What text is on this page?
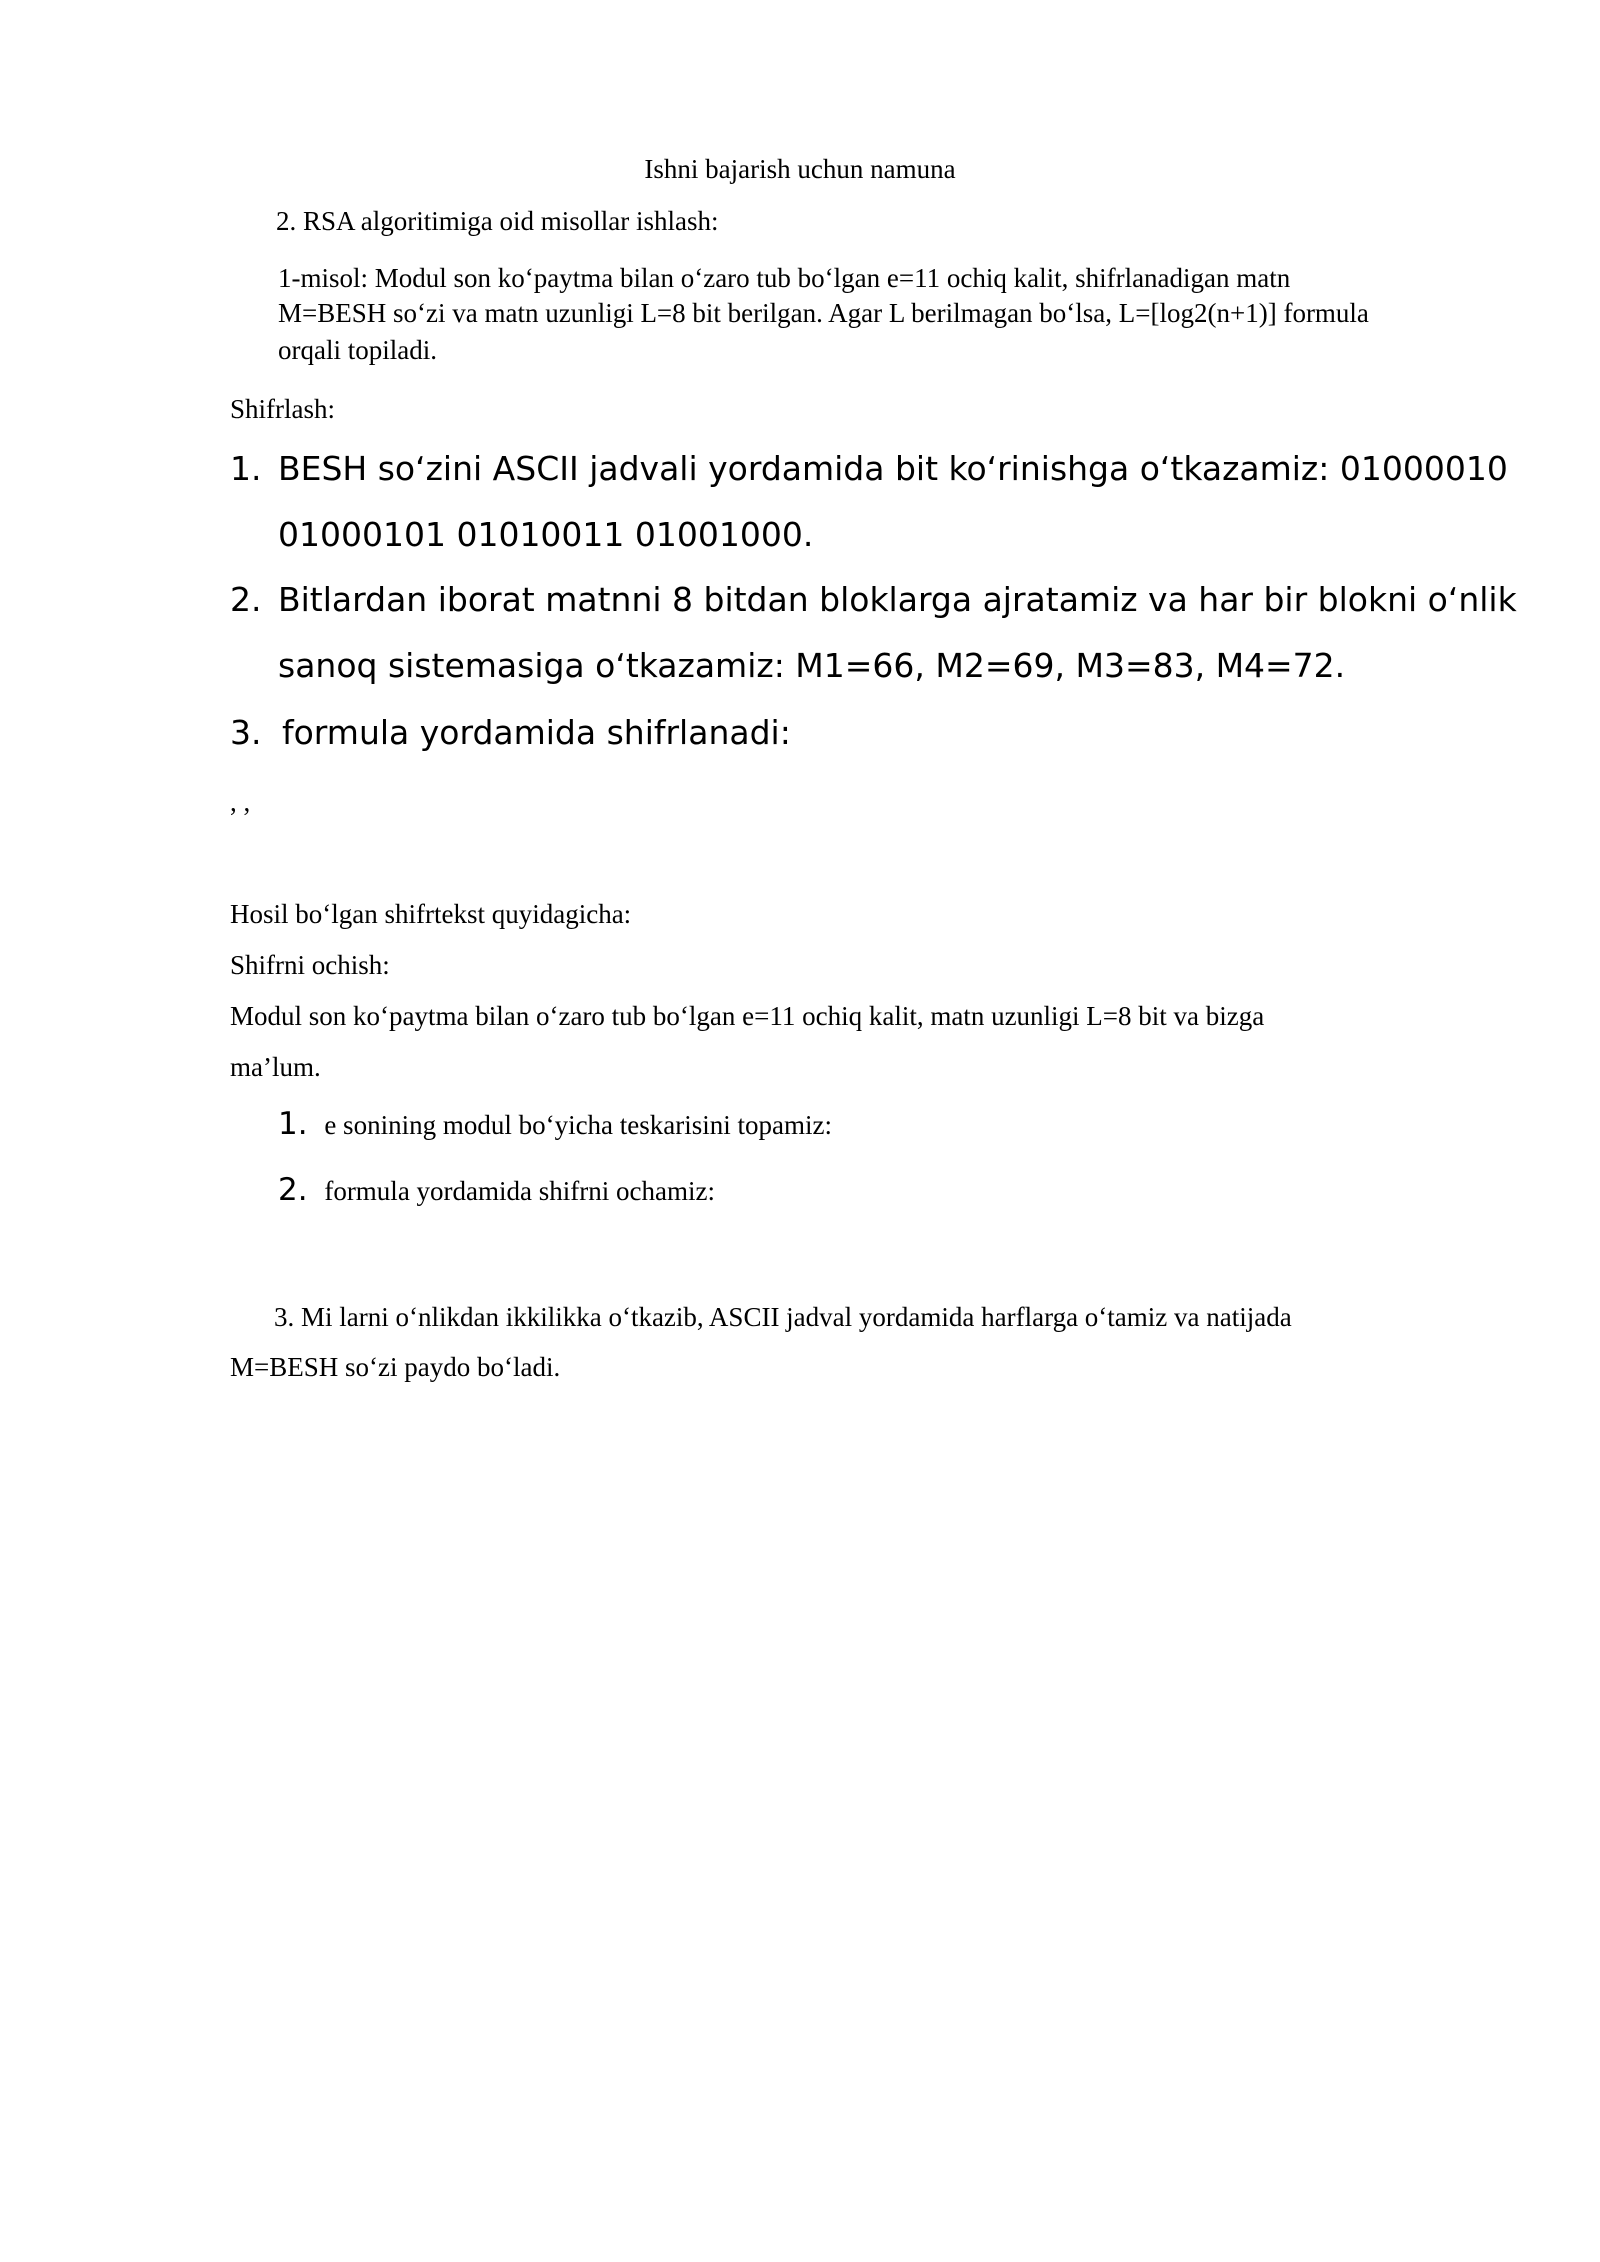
Ishni bajarish uchun namuna
2. RSA algoritimiga oid misollar ishlash:
1-misol: Modul son ko‘paytma bilan o‘zaro tub bo‘lgan e=11 ochiq kalit, shifrlanadigan matn
M=BESH so‘zi va matn uzunligi L=8 bit berilgan. Agar L berilmagan bo‘lsa, L=[log2(n+1)] formula
orqali topiladi.
Shifrlash:
1. BESH so‘zini ASCII jadvali yordamida bit ko‘rinishga o‘tkazamiz: 01000010
01000101 01010011 01001000.
2. Bitlardan iborat matnni 8 bitdan bloklarga ajratamiz va har bir blokni o‘nlik
sanoq sistemasiga o‘tkazamiz: M1=66, M2=69, M3=83, M4=72.
3. formula yordamida shifrlanadi:
, ,
Hosil bo‘lgan shifrtekst quyidagicha:
Shifrni ochish:
Modul son ko‘paytma bilan o‘zaro tub bo‘lgan e=11 ochiq kalit, matn uzunligi L=8 bit va bizga
ma’lum.
1. e sonining modul bo‘yicha teskarisini topamiz:
2. formula yordamida shifrni ochamiz:
3. Mi larni o‘nlikdan ikkilikka o‘tkazib, ASCII jadval yordamida harflarga o‘tamiz va natijada
M=BESH so‘zi paydo bo‘ladi.
